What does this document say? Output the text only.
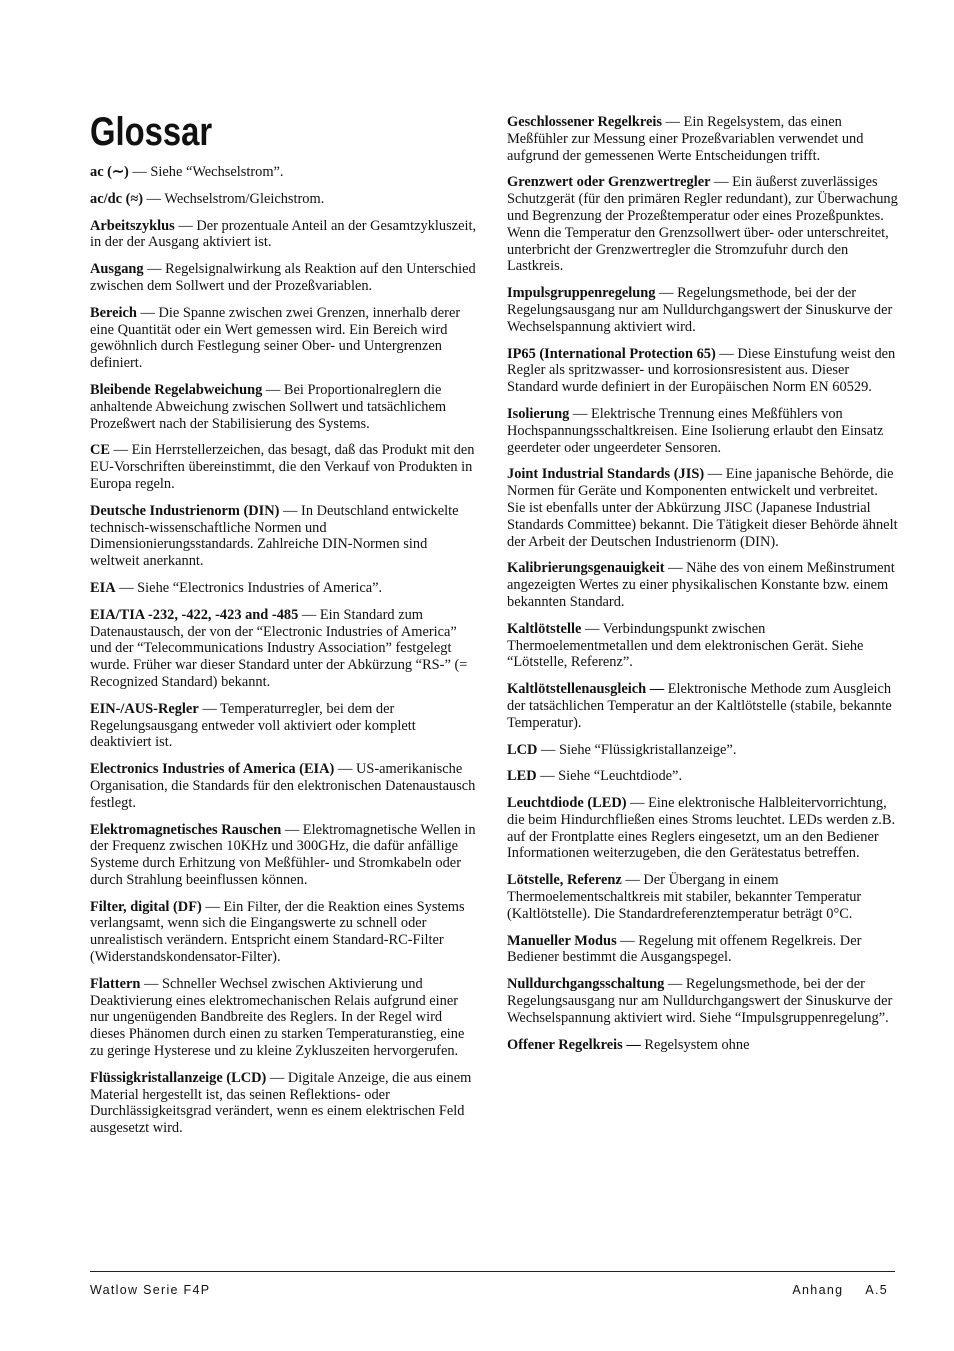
Glossar

ac (∼) — Siehe “Wechselstrom”.

ac/dc (≈) — Wechselstrom/Gleichstrom.

Arbeitszyklus — Der prozentuale Anteil an der Gesamtzykluszeit, in der der Ausgang aktiviert ist.

Ausgang — Regelsignalwirkung als Reaktion auf den Unterschied zwischen dem Sollwert und der Prozeßvariablen.

Bereich — Die Spanne zwischen zwei Grenzen, innerhalb derer eine Quantität oder ein Wert gemessen wird. Ein Bereich wird gewöhnlich durch Festlegung seiner Ober- und Untergrenzen definiert.

Bleibende Regelabweichung — Bei Proportionalreglern die anhaltende Abweichung zwischen Sollwert und tatsächlichem Prozeßwert nach der Stabilisierung des Systems.

CE — Ein Herrstellerzeichen, das besagt, daß das Produkt mit den EU-Vorschriften übereinstimmt, die den Verkauf von Produkten in Europa regeln.

Deutsche Industrienorm (DIN) — In Deutschland entwickelte technisch-wissenschaftliche Normen und Dimensionierungsstandards. Zahlreiche DIN-Normen sind weltweit anerkannt.

EIA — Siehe “Electronics Industries of America”.

EIA/TIA -232, -422, -423 and -485 — Ein Standard zum Datenaustausch, der von der “Electronic Industries of America” und der “Telecommunications Industry Association” festgelegt wurde. Früher war dieser Standard unter der Abkürzung “RS-” (= Recognized Standard) bekannt.

EIN-/AUS-Regler — Temperaturregler, bei dem der Regelungsausgang entweder voll aktiviert oder komplett deaktiviert ist.

Electronics Industries of America (EIA) — US-amerikanische Organisation, die Standards für den elektronischen Datenaustausch festlegt.

Elektromagnetisches Rauschen — Elektromagnetische Wellen in der Frequenz zwischen 10KHz und 300GHz, die dafür anfällige Systeme durch Erhitzung von Meßfühler- und Stromkabeln oder durch Strahlung beeinflussen können.

Filter, digital (DF) — Ein Filter, der die Reaktion eines Systems verlangsamt, wenn sich die Eingangswerte zu schnell oder unrealistisch verändern. Entspricht einem Standard-RC-Filter (Widerstandskondensator-Filter).

Flattern — Schneller Wechsel zwischen Aktivierung und Deaktivierung eines elektromechanischen Relais aufgrund einer nur ungenügenden Bandbreite des Reglers. In der Regel wird dieses Phänomen durch einen zu starken Temperaturanstieg, eine zu geringe Hysterese und zu kleine Zykluszeiten hervorgerufen.

Flüssigkristallanzeige (LCD) — Digitale Anzeige, die aus einem Material hergestellt ist, das seinen Reflektions- oder Durchlässigkeitsgrad verändert, wenn es einem elektrischen Feld ausgesetzt wird.

Geschlossener Regelkreis — Ein Regelsystem, das einen Meßfühler zur Messung einer Prozeßvariablen verwendet und aufgrund der gemessenen Werte Entscheidungen trifft.

Grenzwert oder Grenzwertregler — Ein äußerst zuverlässiges Schutzgerät (für den primären Regler redundant), zur Überwachung und Begrenzung der Prozeßtemperatur oder eines Prozeßpunktes. Wenn die Temperatur den Grenzsollwert über- oder unterschreitet, unterbricht der Grenzwertregler die Stromzufuhr durch den Lastkreis.

Impulsgruppenregelung — Regelungsmethode, bei der der Regelungsausgang nur am Nulldurchgangswert der Sinuskurve der Wechselspannung aktiviert wird.

IP65 (International Protection 65) — Diese Einstufung weist den Regler als spritzwasser- und korrosionsresistent aus. Dieser Standard wurde definiert in der Europäischen Norm EN 60529.

Isolierung — Elektrische Trennung eines Meßfühlers von Hochspannungsschaltkreisen. Eine Isolierung erlaubt den Einsatz geerdeter oder ungeerdeter Sensoren.

Joint Industrial Standards (JIS) — Eine japanische Behörde, die Normen für Geräte und Komponenten entwickelt und verbreitet. Sie ist ebenfalls unter der Abkürzung JISC (Japanese Industrial Standards Committee) bekannt. Die Tätigkeit dieser Behörde ähnelt der Arbeit der Deutschen Industrienorm (DIN).

Kalibrierungsgenauigkeit — Nähe des von einem Meßinstrument angezeigten Wertes zu einer physikalischen Konstante bzw. einem bekannten Standard.

Kaltlötstelle — Verbindungspunkt zwischen Thermoelementmetallen und dem elektronischen Gerät. Siehe “Lötstelle, Referenz”.

Kaltlötstellenausgleich — Elektronische Methode zum Ausgleich der tatsächlichen Temperatur an der Kaltlötstelle (stabile, bekannte Temperatur).

LCD — Siehe “Flüssigkristallanzeige”.

LED — Siehe “Leuchtdiode”.

Leuchtdiode (LED) — Eine elektronische Halbleitervorrichtung, die beim Hindurchfließen eines Stroms leuchtet. LEDs werden z.B. auf der Frontplatte eines Reglers eingesetzt, um an den Bediener Informationen weiterzugeben, die den Gerätestatus betreffen.

Lötstelle, Referenz — Der Übergang in einem Thermoelementschaltkreis mit stabiler, bekannter Temperatur (Kaltlötstelle). Die Standardreferenztemperatur beträgt 0°C.

Manueller Modus — Regelung mit offenem Regelkreis. Der Bediener bestimmt die Ausgangspegel.

Nulldurchgangsschaltung — Regelungsmethode, bei der der Regelungsausgang nur am Nulldurchgangswert der Sinuskurve der Wechselspannung aktiviert wird. Siehe “Impulsgruppenregelung”.

Offener Regelkreis — Regelsystem ohne

Watlow Serie F4P	Anhang A.5
